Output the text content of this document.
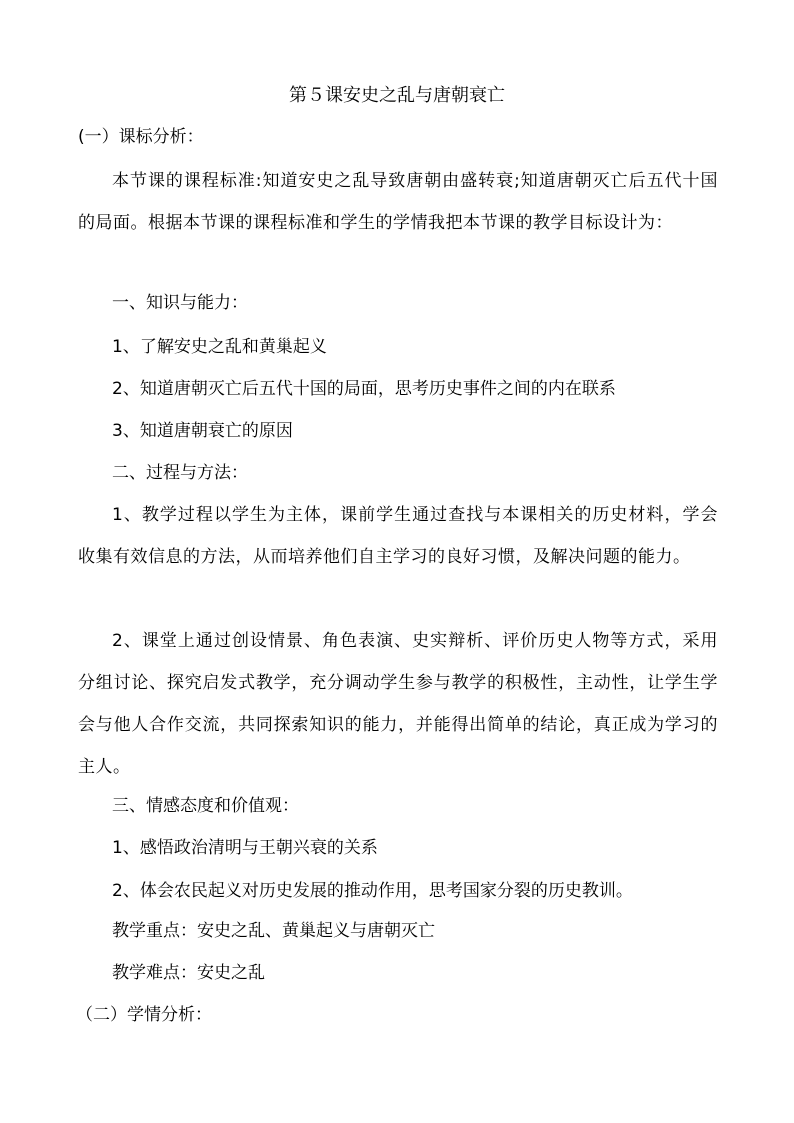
第５课安史之乱与唐朝衰亡
(一）课标分析：
本节课的课程标准:知道安史之乱导致唐朝由盛转衰;知道唐朝灭亡后五代十国的局面。根据本节课的课程标准和学生的学情我把本节课的教学目标设计为：
一、知识与能力：
1、了解安史之乱和黄巢起义
2、知道唐朝灭亡后五代十国的局面，思考历史事件之间的内在联系
3、知道唐朝衰亡的原因
二、过程与方法：
1、教学过程以学生为主体，课前学生通过查找与本课相关的历史材料，学会收集有效信息的方法，从而培养他们自主学习的良好习惯，及解决问题的能力。
2、课堂上通过创设情景、角色表演、史实辩析、评价历史人物等方式，采用分组讨论、探究启发式教学，充分调动学生参与教学的积极性，主动性，让学生学会与他人合作交流，共同探索知识的能力，并能得出简单的结论，真正成为学习的主人。
三、情感态度和价值观：
1、感悟政治清明与王朝兴衰的关系
2、体会农民起义对历史发展的推动作用，思考国家分裂的历史教训。
教学重点：安史之乱、黄巢起义与唐朝灭亡
教学难点：安史之乱
（二）学情分析：
